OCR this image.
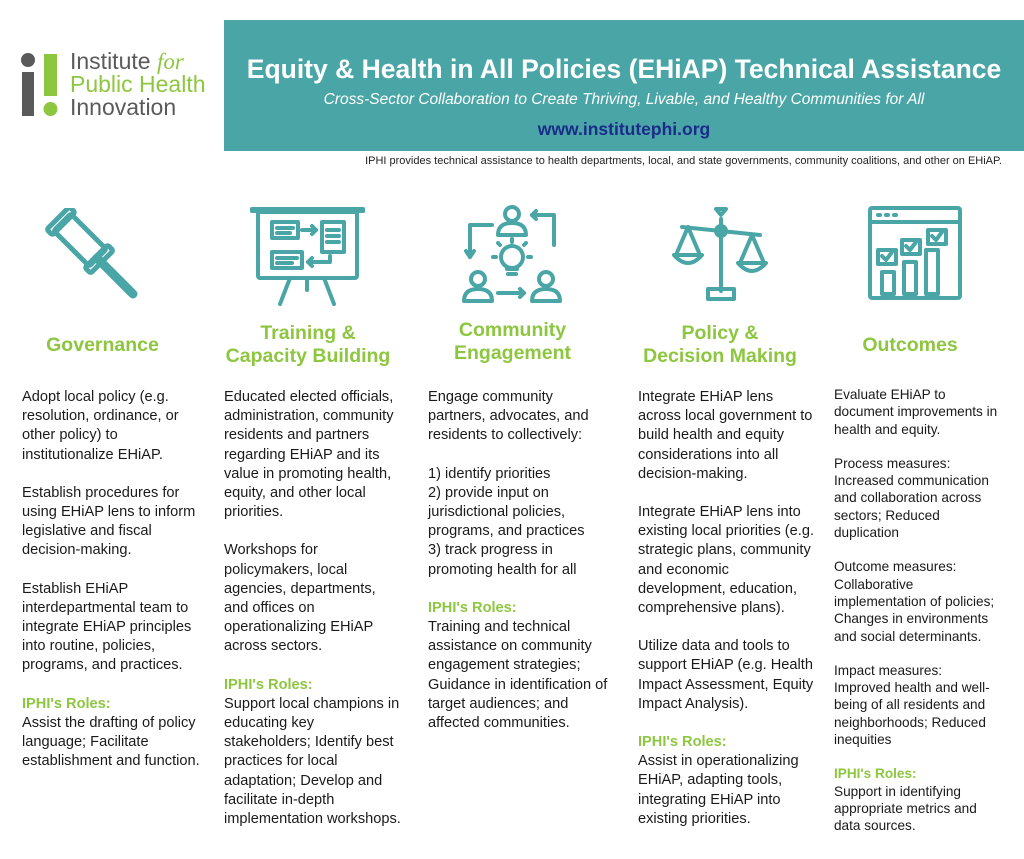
Institute for
Public Health
Innovation
Equity & Health in All Policies (EHiAP) Technical Assistance
Cross-Sector Collaboration to Create Thriving, Livable, and Healthy Communities for All
www.institutephi.org
IPHI provides technical assistance to health departments, local, and state governments, community coalitions, and other on EHiAP.
Governance
Training &
Capacity Building
Community
Engagement
Policy &
Decision Making	Outcomes

Adopt local policy (e.g. resolution, ordinance, or other policy) to institutionalize EHiAP.

Establish procedures for using EHiAP lens to inform legislative and fiscal decision-making.

Establish EHiAP interdepartmental team to integrate EHiAP principles into routine, policies, programs, and practices.

IPHI's Roles:
Assist the drafting of policy language; Facilitate establishment and function.

Educated elected officials, administration, community residents and partners regarding EHiAP and its value in promoting health, equity, and other local priorities.

Workshops for policymakers, local agencies, departments, and offices on operationalizing EHiAP across sectors.

IPHI's Roles:
Support local champions in educating key stakeholders; Identify best practices for local adaptation; Develop and facilitate in-depth implementation workshops.

Engage community partners, advocates, and residents to collectively:

1) identify priorities
2) provide input on jurisdictional policies, programs, and practices

3) track progress in promoting health for all

IPHI's Roles:
Training and technical assistance on community engagement strategies; Guidance in identification of target audiences; and affected communities.

Integrate EHiAP lens across local government to build health and equity considerations into all decision-making.

Integrate EHiAP lens into existing local priorities (e.g. strategic plans, community and economic development, education, comprehensive plans).

Utilize data and tools to support EHiAP (e.g. Health Impact Assessment, Equity Impact Analysis).

IPHI's Roles:
Assist in operationalizing EHiAP, adapting tools, integrating EHiAP into existing priorities.

Evaluate EHiAP to document improvements in health and equity.

Process measures:

Increased communication and collaboration across sectors; Reduced duplication

Outcome measures:

Collaborative implementation of policies; Changes in environments and social determinants.

Impact measures:

Improved health and well-being of all residents and neighborhoods; Reduced inequities

IPHI's Roles:
Support in identifying appropriate metrics and data sources.
